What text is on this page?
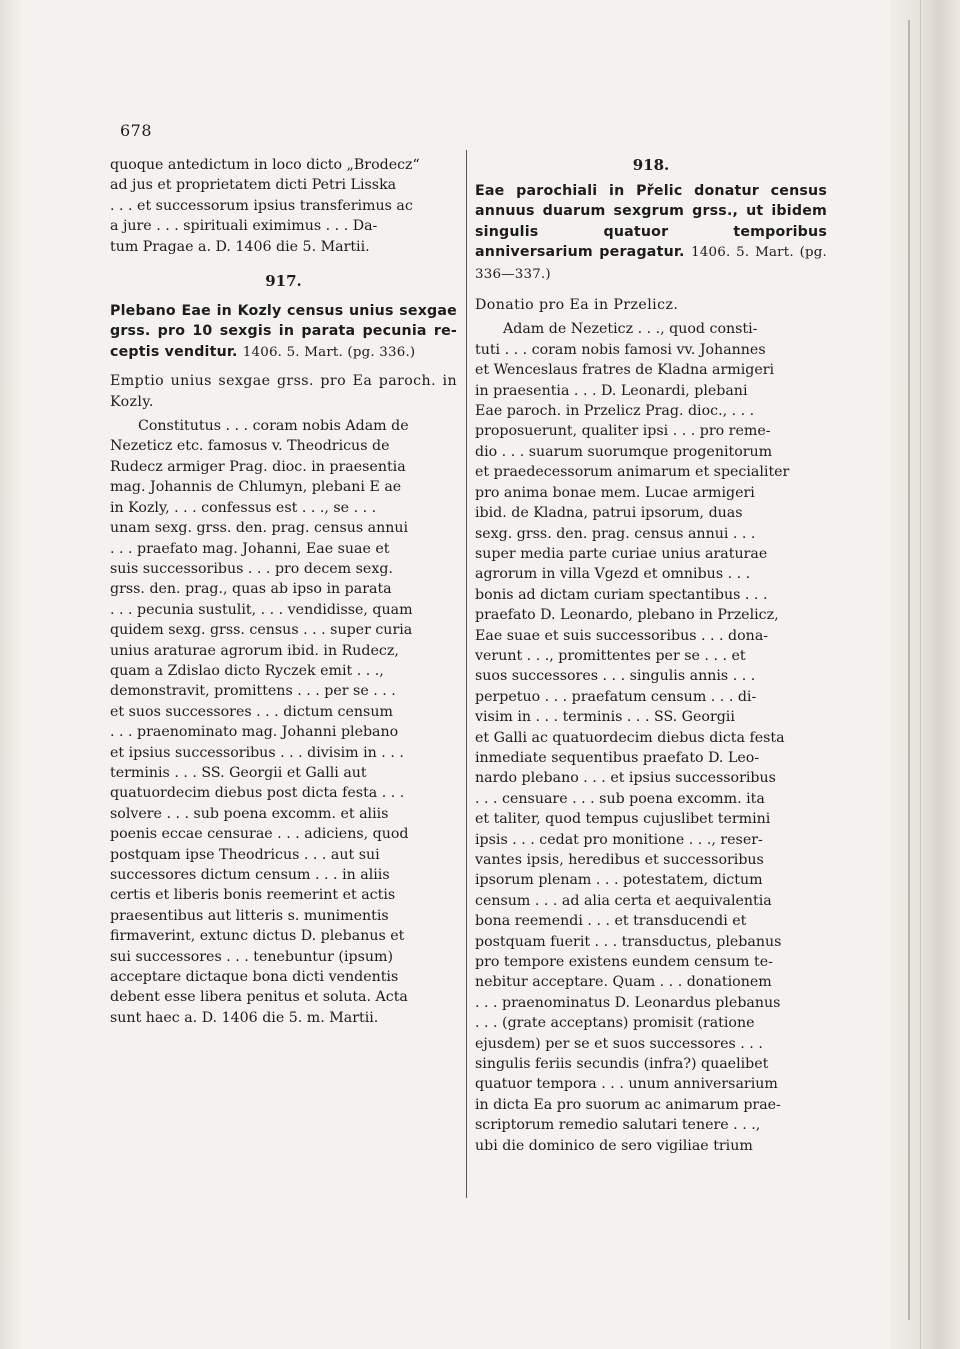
678

quoque antedictum in loco dicto „Brodecz“
ad jus et proprietatem dicti Petri Lisska
. . . et successorum ipsius transferimus ac
a jure . . . spirituali eximimus . . . Da-
tum Pragae a. D. 1406 die 5. Martii.

917.

Plebano Eae in Kozly census unius sexgae grss. pro 10 sexgis in parata pecunia re- ceptis venditur. 1406. 5. Mart. (pg. 336.)

Emptio unius sexgae grss. pro Ea paroch. in Kozly.

Constitutus . . . coram nobis Adam de
Nezeticz etc. famosus v. Theodricus de
Rudecz armiger Prag. dioc. in praesentia
mag. Johannis de Chlumyn, plebani E ae
in Kozly, . . . confessus est . . ., se . . .
unam sexg. grss. den. prag. census annui
. . . praefato mag. Johanni, Eae suae et
suis successoribus . . . pro decem sexg.
grss. den. prag., quas ab ipso in parata
. . . pecunia sustulit, . . . vendidisse, quam
quidem sexg. grss. census . . . super curia
unius araturae agrorum ibid. in Rudecz,
quam a Zdislao dicto Ryczek emit . . .,
demonstravit, promittens . . . per se . . .
et suos successores . . . dictum censum
. . . praenominato mag. Johanni plebano
et ipsius successoribus . . . divisim in . . .
terminis . . . SS. Georgii et Galli aut
quatuordecim diebus post dicta festa . . .
solvere . . . sub poena excomm. et aliis
poenis eccae censurae . . . adiciens, quod
postquam ipse Theodricus . . . aut sui
successores dictum censum . . . in aliis
certis et liberis bonis reemerint et actis
praesentibus aut litteris s. munimentis
firmaverint, extunc dictus D. plebanus et
sui successores . . . tenebuntur (ipsum)
acceptare dictaque bona dicti vendentis
debent esse libera penitus et soluta. Acta
sunt haec a. D. 1406 die 5. m. Martii.

918.

Eae parochiali in Přelic donatur census annuus duarum sexgrum grss., ut ibidem singulis quatuor temporibus anniversarium peragatur. 1406. 5. Mart. (pg. 336—337.)

Donatio pro Ea in Przelicz.

Adam de Nezeticz . . ., quod consti-
tuti . . . coram nobis famosi vv. Johannes
et Wenceslaus fratres de Kladna armigeri
in praesentia . . . D. Leonardi, plebani
Eae paroch. in Przelicz Prag. dioc., . . .
proposuerunt, qualiter ipsi . . . pro reme-
dio . . . suarum suorumque progenitorum
et praedecessorum animarum et specialiter
pro anima bonae mem. Lucae armigeri
ibid. de Kladna, patrui ipsorum, duas
sexg. grss. den. prag. census annui . . .
super media parte curiae unius araturae
agrorum in villa Vgezd et omnibus . . .
bonis ad dictam curiam spectantibus . . .
praefato D. Leonardo, plebano in Przelicz,
Eae suae et suis successoribus . . . dona-
verunt . . ., promittentes per se . . . et
suos successores . . . singulis annis . . .
perpetuo . . . praefatum censum . . . di-
visim in . . . terminis . . . SS. Georgii
et Galli ac quatuordecim diebus dicta festa
inmediate sequentibus praefato D. Leo-
nardo plebano . . . et ipsius successoribus
. . . censuare . . . sub poena excomm. ita
et taliter, quod tempus cujuslibet termini
ipsis . . . cedat pro monitione . . ., reser-
vantes ipsis, heredibus et successoribus
ipsorum plenam . . . potestatem, dictum
censum . . . ad alia certa et aequivalentia
bona reemendi . . . et transducendi et
postquam fuerit . . . transductus, plebanus
pro tempore existens eundem censum te-
nebitur acceptare. Quam . . . donationem
. . . praenominatus D. Leonardus plebanus
. . . (grate acceptans) promisit (ratione
ejusdem) per se et suos successores . . .
singulis feriis secundis (infra?) quaelibet
quatuor tempora . . . unum anniversarium
in dicta Ea pro suorum ac animarum prae-
scriptorum remedio salutari tenere . . .,
ubi die dominico de sero vigiliae trium
